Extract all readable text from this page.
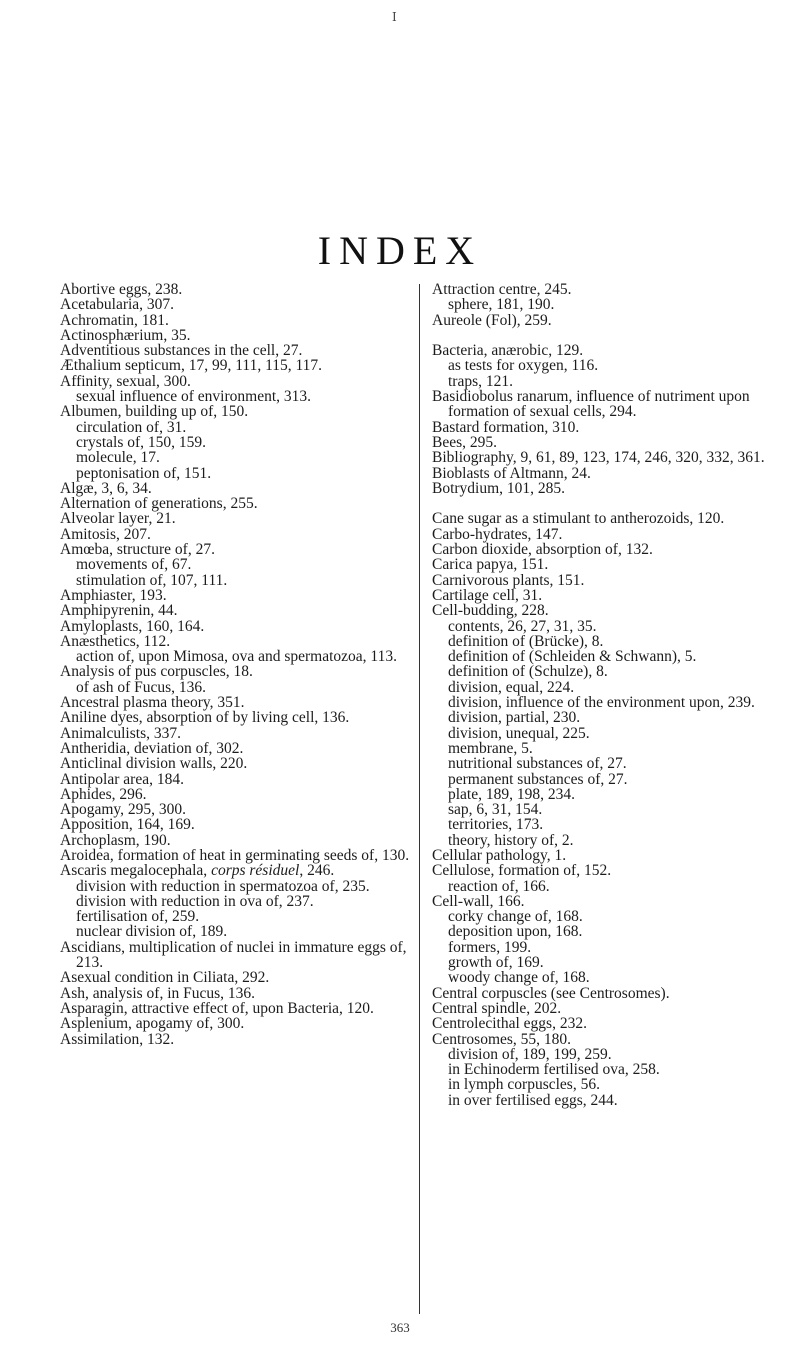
I
INDEX
Abortive eggs, 238.
Acetabularia, 307.
Achromatin, 181.
Actinosphærium, 35.
Adventitious substances in the cell, 27.
Æthalium septicum, 17, 99, 111, 115, 117.
Affinity, sexual, 300.
sexual influence of environment, 313.
Albumen, building up of, 150.
circulation of, 31.
crystals of, 150, 159.
molecule, 17.
peptonisation of, 151.
Algæ, 3, 6, 34.
Alternation of generations, 255.
Alveolar layer, 21.
Amitosis, 207.
Amœba, structure of, 27.
movements of, 67.
stimulation of, 107, 111.
Amphiaster, 193.
Amphipyrenin, 44.
Amyloplasts, 160, 164.
Anæsthetics, 112.
action of, upon Mimosa, ova and spermatozoa, 113.
Analysis of pus corpuscles, 18.
of ash of Fucus, 136.
Ancestral plasma theory, 351.
Aniline dyes, absorption of by living cell, 136.
Animalculists, 337.
Antheridia, deviation of, 302.
Anticlinal division walls, 220.
Antipolar area, 184.
Aphides, 296.
Apogamy, 295, 300.
Apposition, 164, 169.
Archoplasm, 190.
Aroidea, formation of heat in germinating seeds of, 130.
Ascaris megalocephala, corps résiduel, 246.
division with reduction in spermatozoa of, 235.
division with reduction in ova of, 237.
fertilisation of, 259.
nuclear division of, 189.
Ascidians, multiplication of nuclei in immature eggs of, 213.
Asexual condition in Ciliata, 292.
Ash, analysis of, in Fucus, 136.
Asparagin, attractive effect of, upon Bacteria, 120.
Asplenium, apogamy of, 300.
Assimilation, 132.
Attraction centre, 245.
sphere, 181, 190.
Aureole (Fol), 259.
Bacteria, anærobic, 129.
as tests for oxygen, 116.
traps, 121.
Basidiobolus ranarum, influence of nutriment upon formation of sexual cells, 294.
Bastard formation, 310.
Bees, 295.
Bibliography, 9, 61, 89, 123, 174, 246, 320, 332, 361.
Bioblasts of Altmann, 24.
Botrydium, 101, 285.
Cane sugar as a stimulant to antherozoids, 120.
Carbo-hydrates, 147.
Carbon dioxide, absorption of, 132.
Carica papya, 151.
Carnivorous plants, 151.
Cartilage cell, 31.
Cell-budding, 228.
contents, 26, 27, 31, 35.
definition of (Brücke), 8.
definition of (Schleiden & Schwann), 5.
definition of (Schulze), 8.
division, equal, 224.
division, influence of the environment upon, 239.
division, partial, 230.
division, unequal, 225.
membrane, 5.
nutritional substances of, 27.
permanent substances of, 27.
plate, 189, 198, 234.
sap, 6, 31, 154.
territories, 173.
theory, history of, 2.
Cellular pathology, 1.
Cellulose, formation of, 152.
reaction of, 166.
Cell-wall, 166.
corky change of, 168.
deposition upon, 168.
formers, 199.
growth of, 169.
woody change of, 168.
Central corpuscles (see Centrosomes).
Central spindle, 202.
Centrolecithal eggs, 232.
Centrosomes, 55, 180.
division of, 189, 199, 259.
in Echinoderm fertilised ova, 258.
in lymph corpuscles, 56.
in over fertilised eggs, 244.
363
